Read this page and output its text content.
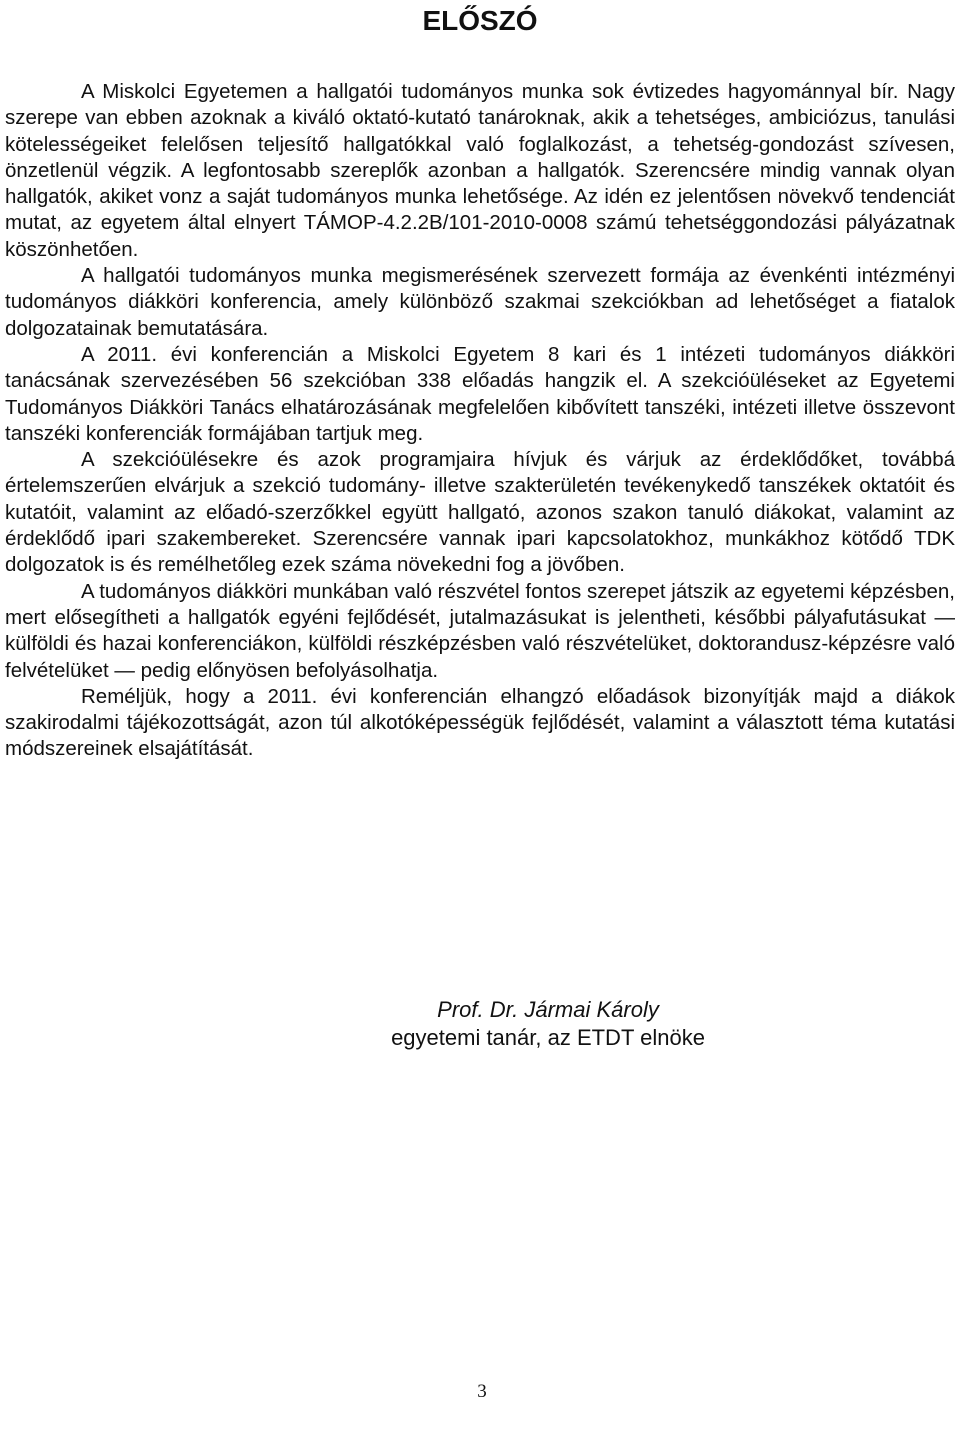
ELŐSZÓ

A Miskolci Egyetemen a hallgatói tudományos munka sok évtizedes hagyománnyal bír. Nagy szerepe van ebben azoknak a kiváló oktató-kutató tanároknak, akik a tehetséges, ambiciózus, tanulási kötelességeiket felelősen teljesítő hallgatókkal való foglalkozást, a tehetség-gondozást szívesen, önzetlenül végzik. A legfontosabb szereplők azonban a hallgatók. Szerencsére mindig vannak olyan hallgatók, akiket vonz a saját tudományos munka lehetősége. Az idén ez jelentősen növekvő tendenciát mutat, az egyetem által elnyert TÁMOP-4.2.2B/101-2010-0008 számú tehetséggondozási pályázatnak köszönhetően.

A hallgatói tudományos munka megismerésének szervezett formája az évenkénti intézményi tudományos diákköri konferencia, amely különböző szakmai szekciókban ad lehetőséget a fiatalok dolgozatainak bemutatására.

A 2011. évi konferencián a Miskolci Egyetem 8 kari és 1 intézeti tudományos diákköri tanácsának szervezésében 56 szekcióban 338 előadás hangzik el. A szekcióüléseket az Egyetemi Tudományos Diákköri Tanács elhatározásának megfelelően kibővített tanszéki, intézeti illetve összevont tanszéki konferenciák formájában tartjuk meg.

A szekcióülésekre és azok programjaira hívjuk és várjuk az érdeklődőket, továbbá értelemszerűen elvárjuk a szekció tudomány- illetve szakterületén tevékenykedő tanszékek oktatóit és kutatóit, valamint az előadó-szerzőkkel együtt hallgató, azonos szakon tanuló diákokat, valamint az érdeklődő ipari szakembereket. Szerencsére vannak ipari kapcsolatokhoz, munkákhoz kötődő TDK dolgozatok is és remélhetőleg ezek száma növekedni fog a jövőben.

A tudományos diákköri munkában való részvétel fontos szerepet játszik az egyetemi képzésben, mert elősegítheti a hallgatók egyéni fejlődését, jutalmazásukat is jelentheti, későbbi pályafutásukat — külföldi és hazai konferenciákon, külföldi részképzésben való részvételüket, doktorandusz-képzésre való felvételüket — pedig előnyösen befolyásolhatja.

Reméljük, hogy a 2011. évi konferencián elhangzó előadások bizonyítják majd a diákok szakirodalmi tájékozottságát, azon túl alkotóképességük fejlődését, valamint a választott téma kutatási módszereinek elsajátítását.

Prof. Dr. Jármai Károly

egyetemi tanár, az ETDT elnöke

3
